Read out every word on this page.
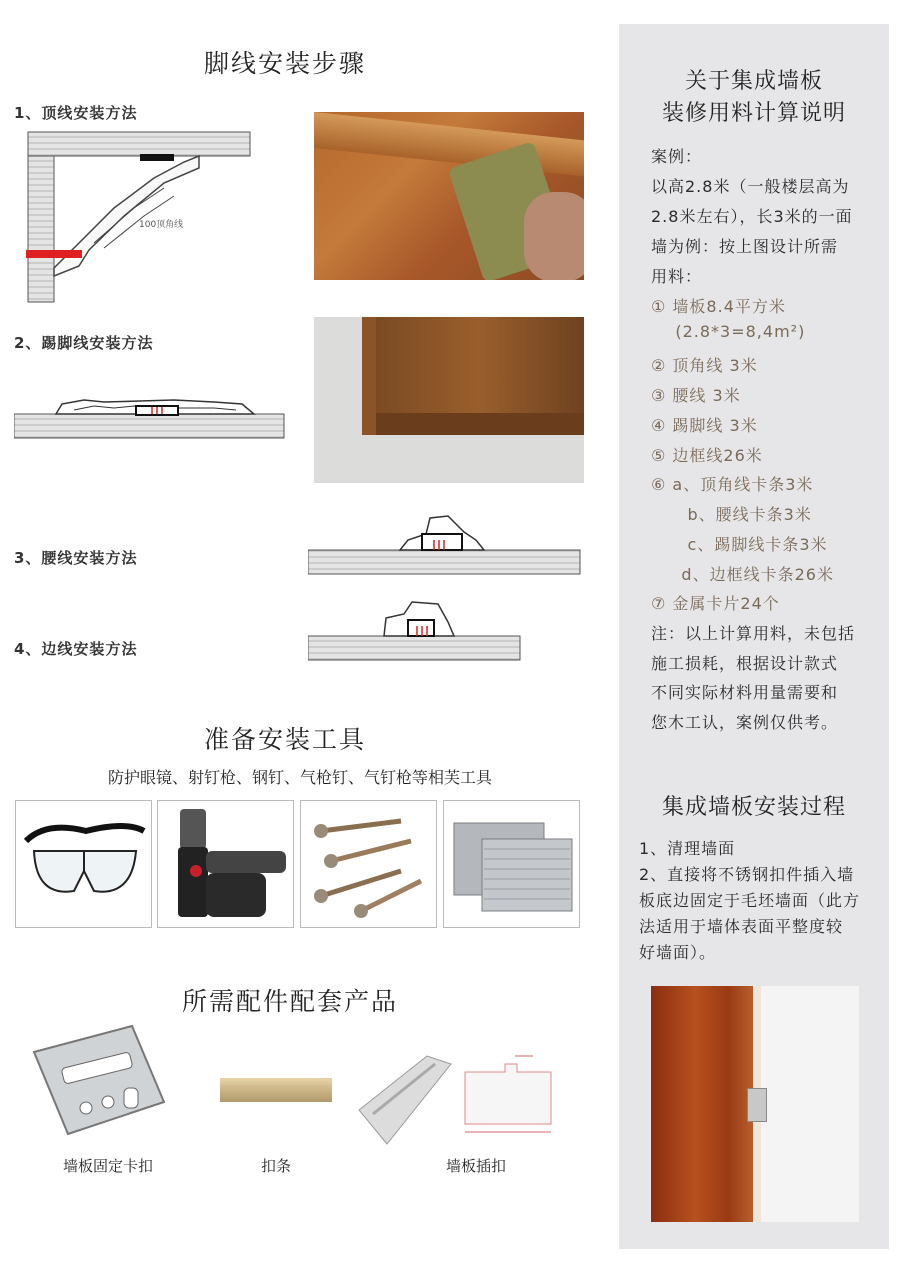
脚线安装步骤
1、顶线安装方法
100顶角线
2、踢脚线安装方法
3、腰线安装方法
4、边线安装方法
准备安装工具
防护眼镜、射钉枪、钢钉、气枪钉、气钉枪等相芙工具
所需配件配套产品
墙板固定卡扣	扣条	墙板插扣
关于集成墙板
装修用料计算说明
案例：
以高2.8米（一般楼层高为
2.8米左右），长3米的一面
墙为例：按上图设计所需
用料：
① 墙板8.4平方米
(2.8*3=8,4m²)
② 顶角线 3米
③ 腰线 3米
④ 踢脚线 3米
⑤ 边框线26米
⑥ a、顶角线卡条3米
b、腰线卡条3米
c、踢脚线卡条3米
d、边框线卡条26米
⑦ 金属卡片24个
注：以上计算用料，未包括
施工损耗，根据设计款式
不同实际材料用量需要和
您木工认，案例仅供考。
集成墙板安装过程
1、清理墙面
2、直接将不锈钢扣件插入墙
板底边固定于毛坯墙面（此方
法适用于墙体表面平整度较
好墙面）。
